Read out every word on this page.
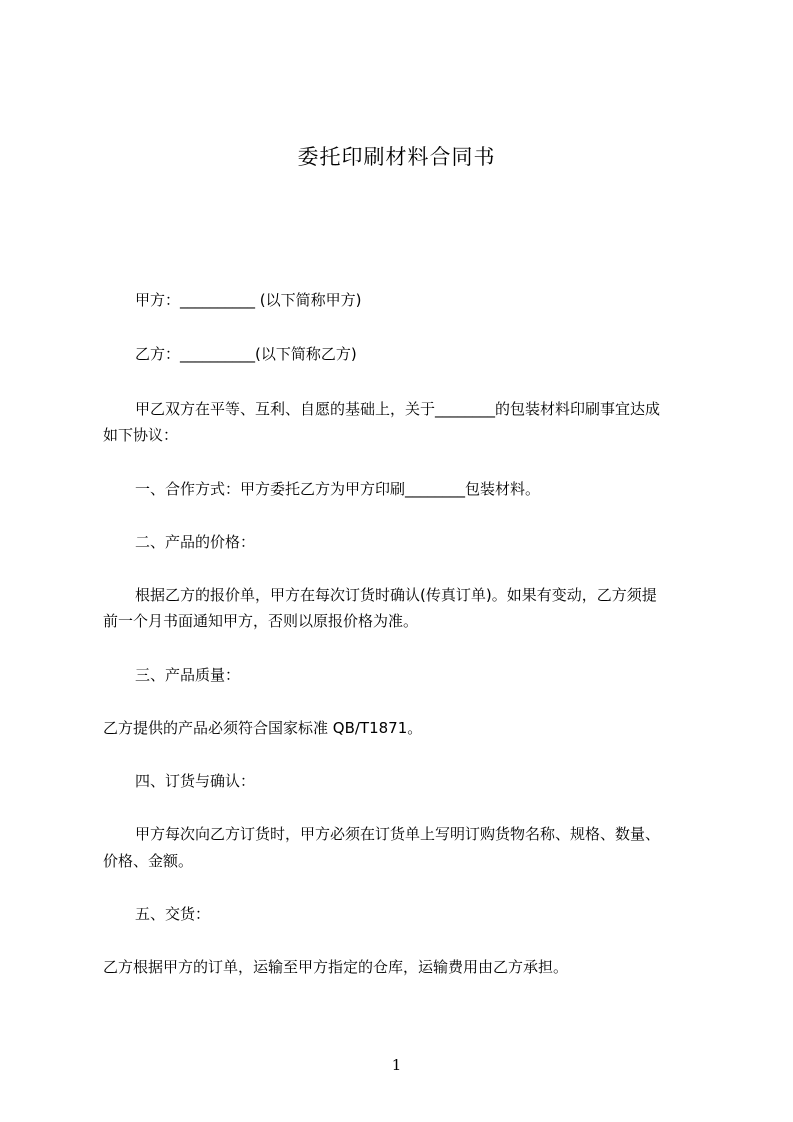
委托印刷材料合同书
甲方：__________ (以下简称甲方)
乙方：__________(以下简称乙方)
甲乙双方在平等、互利、自愿的基础上，关于________的包装材料印刷事宜达成
如下协议：
一、合作方式：甲方委托乙方为甲方印刷________包装材料。
二、产品的价格：
根据乙方的报价单，甲方在每次订货时确认(传真订单)。如果有变动，乙方须提
前一个月书面通知甲方，否则以原报价格为准。
三、产品质量：
乙方提供的产品必须符合国家标准 QB/T1871。
四、订货与确认：
甲方每次向乙方订货时，甲方必须在订货单上写明订购货物名称、规格、数量、
价格、金额。
五、交货：
乙方根据甲方的订单，运输至甲方指定的仓库，运输费用由乙方承担。
1
